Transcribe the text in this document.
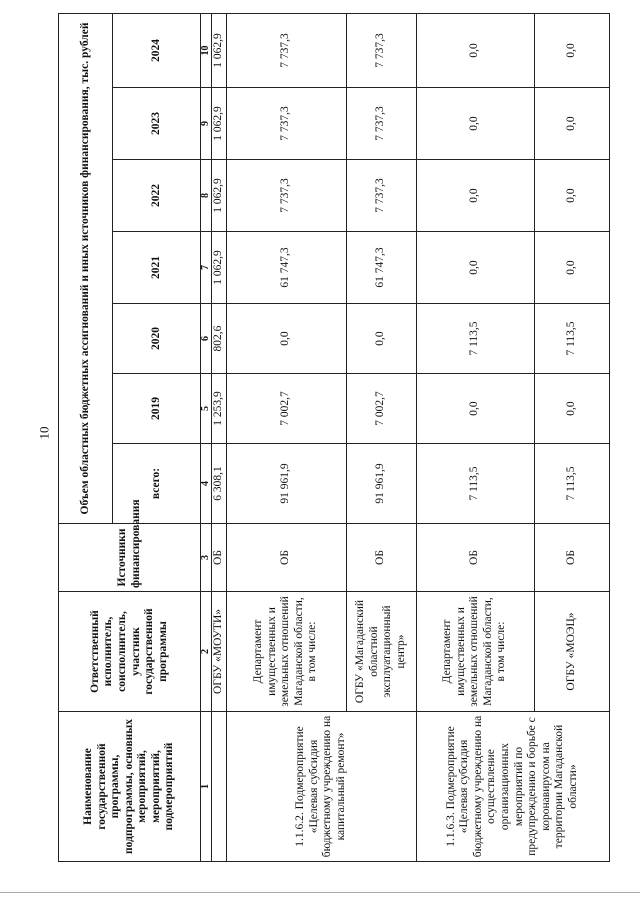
10
Наименование государственной программы, подпрограммы, основных мероприятий, мероприятий, подмероприятий	Ответственный исполнитель, соисполнитель, участник государственной программы	Источники финансирования	Объем областных бюджетных ассигнований и иных источников финансирования, тыс. рублей						
			всего:	2019	2020	2021	2022	2023	2024
1	2	3	4	5	6	7	8	9	10
	ОГБУ «МОУТИ»	ОБ	6 308,1	1 253,9	802,6	1 062,9	1 062,9	1 062,9	1 062,9
1.1.6.2. Подмероприятие «Целевая субсидия бюджетному учреждению на капитальный ремонт»	Департамент имущественных и земельных отношений Магаданской области, в том числе:	ОБ	91 961,9	7 002,7	0,0	61 747,3	7 737,3	7 737,3	7 737,3
	ОГБУ «Магаданский областной эксплуатационный центр»	ОБ	91 961,9	7 002,7	0,0	61 747,3	7 737,3	7 737,3	7 737,3
1.1.6.3. Подмероприятие «Целевая субсидия бюджетному учреждению на осуществление организационных мероприятий по предупреждению и борьбе с коронавирусом на территории Магаданской области»	Департамент имущественных и земельных отношений Магаданской области, в том числе:	ОБ	7 113,5	0,0	7 113,5	0,0	0,0	0,0	0,0
	ОГБУ «МОЭЦ»	ОБ	7 113,5	0,0	7 113,5	0,0	0,0	0,0	0,0
